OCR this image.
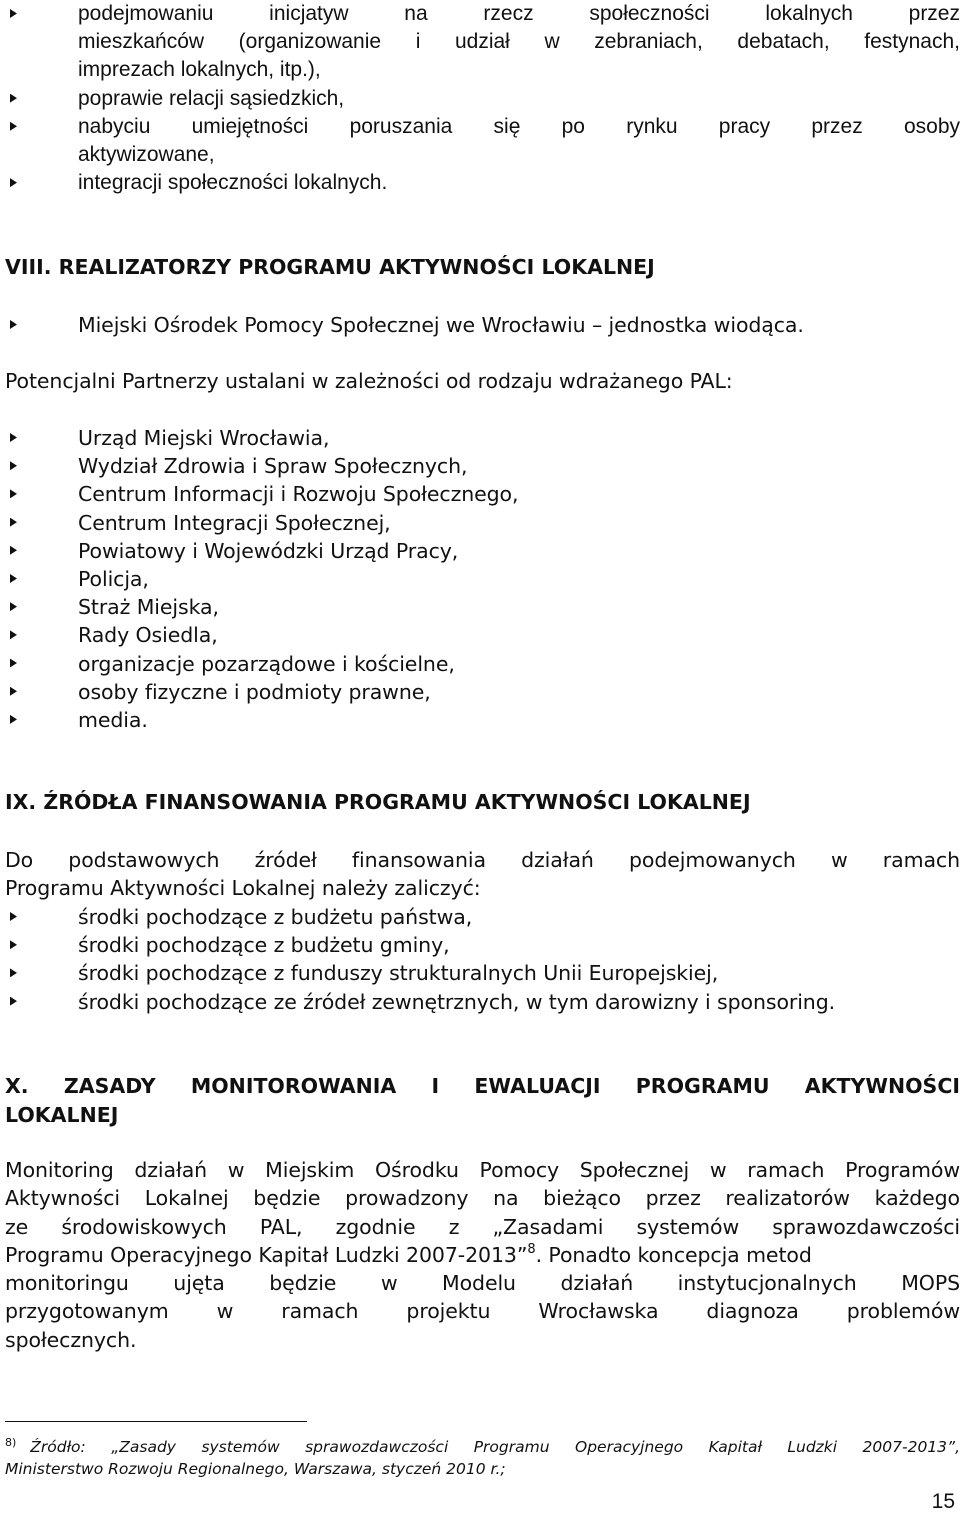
podejmowaniu inicjatyw na rzecz społeczności lokalnych przez
mieszkańców (organizowanie i udział w zebraniach, debatach, festynach,
imprezach lokalnych, itp.),
poprawie relacji sąsiedzkich,
nabyciu umiejętności poruszania się po rynku pracy przez osoby
aktywizowane,
integracji społeczności lokalnych.
VIII. REALIZATORZY PROGRAMU AKTYWNOŚCI LOKALNEJ
Miejski Ośrodek Pomocy Społecznej we Wrocławiu – jednostka wiodąca.
Potencjalni Partnerzy ustalani w zależności od rodzaju wdrażanego PAL:
Urząd Miejski Wrocławia,
Wydział Zdrowia i Spraw Społecznych,
Centrum Informacji i Rozwoju Społecznego,
Centrum Integracji Społecznej,
Powiatowy i Wojewódzki Urząd Pracy,
Policja,
Straż Miejska,
Rady Osiedla,
organizacje pozarządowe i kościelne,
osoby fizyczne i podmioty prawne,
media.
IX. ŹRÓDŁA FINANSOWANIA PROGRAMU AKTYWNOŚCI LOKALNEJ
Do podstawowych źródeł finansowania działań podejmowanych w ramach
Programu Aktywności Lokalnej należy zaliczyć:
środki pochodzące z budżetu państwa,
środki pochodzące z budżetu gminy,
środki pochodzące z funduszy strukturalnych Unii Europejskiej,
środki pochodzące ze źródeł zewnętrznych, w tym darowizny i sponsoring.
X. ZASADY MONITOROWANIA I EWALUACJI PROGRAMU AKTYWNOŚCI
LOKALNEJ
Monitoring działań w Miejskim Ośrodku Pomocy Społecznej w ramach Programów
Aktywności Lokalnej będzie prowadzony na bieżąco przez realizatorów każdego
ze środowiskowych PAL, zgodnie z „Zasadami systemów sprawozdawczości
Programu Operacyjnego Kapitał Ludzki 2007-2013”$^8$. Ponadto koncepcja metod
monitoringu ujęta będzie w Modelu działań instytucjonalnych MOPS
przygotowanym w ramach projektu Wrocławska diagnoza problemów
społecznych.
$^{8)}$ Źródło: „Zasady systemów sprawozdawczości Programu Operacyjnego Kapitał Ludzki 2007-2013”,
Ministerstwo Rozwoju Regionalnego, Warszawa, styczeń 2010 r.;
15
